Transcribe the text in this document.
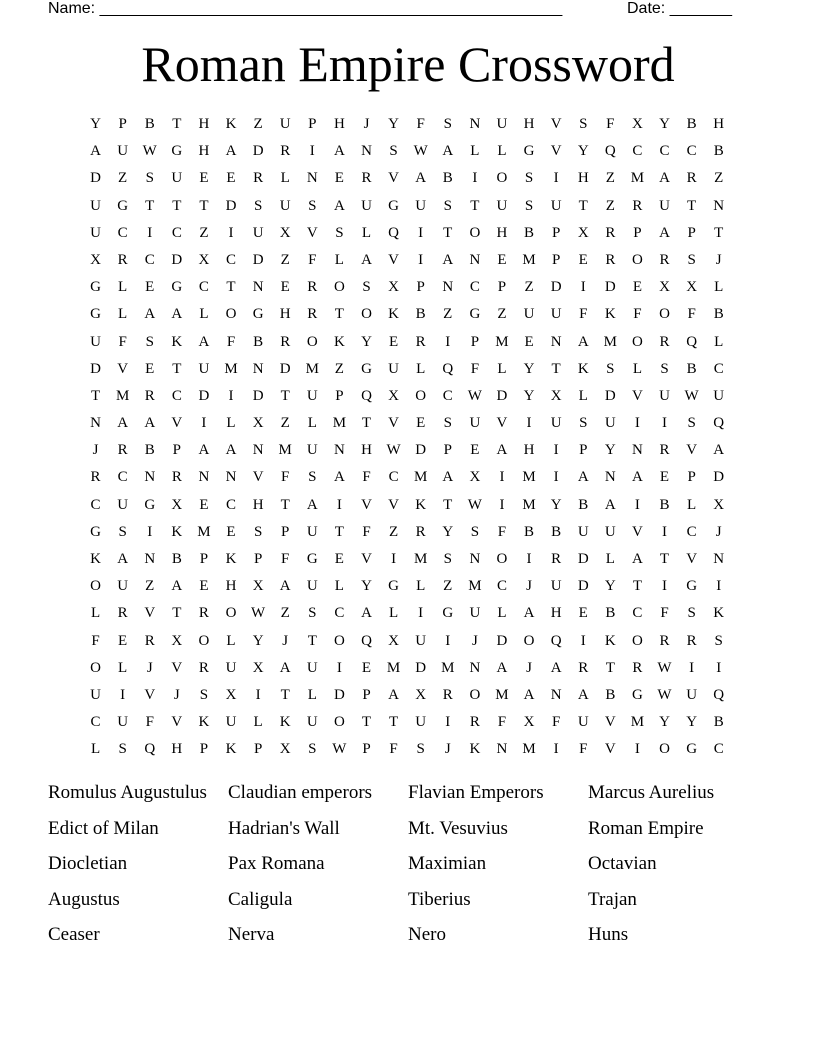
Name: ____________________________________________________	Date: _______
Roman Empire Crossword
Y	P	B	T	H	K	Z	U	P	H	J	Y	F	S	N	U	H	V	S	F	X	Y	B	H
A	U W G	H	A	D	R	I	A	N	S	W A	L	L	G	V	Y	Q	C	C	C	B
D	Z	S	U	E	E	R	L	N	E	R	V	A	B	I	O	S	I	H	Z	M	A	R	Z
U	G	T	T	T	D	S	U	S	A	U	G	U	S	T	U	S	U	T	Z	R	U	T	N
U	C	I	C	Z	I	U	X	V	S	L	Q	I	T	O	H	B	P	X	R	P	A	P	T
X	R	C	D	X	C	D	Z	F	L	A	V	I	A	N	E	M	P	E	R	O	R	S	J
G	L	E	G	C	T	N	E	R	O	S	X	P	N	C	P	Z	D	I	D	E	X	X	L
G	L	A	A	L	O	G	H	R	T	O	K	B	Z	G	Z	U	U	F	K	F	O	F	B
U	F	S	K	A	F	B	R	O	K	Y	E	R	I	P	M	E	N	A	M	O	R	Q	L
D	V	E	T	U	M	N	D	M	Z	G	U	L	Q	F	L	Y	T	K	S	L	S	B	C
T	M	R	C	D	I	D	T	U	P	Q	X	O	C	W D	Y	X	L	D	V	U W U
N	A	A	V	I	L	X	Z	L	M	T	V	E	S	U	V	I	U	S	U	I	I	S	Q
J	R	B	P	A	A	N	M	U	N	H W D	P	E	A	H	I	P	Y	N	R	V	A
R	C	N	R	N	N	V	F	S	A	F	C	M	A	X	I	M	I	A	N	A	E	P	D
C	U	G	X	E	C	H	T	A	I	V	V	K	T	W	I	M	Y	B	A	I	B	L	X
G	S	I	K	M	E	S	P	U	T	F	Z	R	Y	S	F	B	B	U	U	V	I	C	J
K	A	N	B	P	K	P	F	G	E	V	I	M	S	N	O	I	R	D	L	A	T	V	N
O	U	Z	A	E	H	X	A	U	L	Y	G	L	Z	M	C	J	U	D	Y	T	I	G	I
L	R	V	T	R	O W	Z	S	C	A	L	I	G	U	L	A	H	E	B	C	F	S	K
F	E	R	X	O	L	Y	J	T	O	Q	X	U	I	J	D	O	Q	I	K	O	R	R	S
O	L	J	V	R	U	X	A	U	I	E	M	D	M	N	A	J	A	R	T	R	W	I	I
U	I	V	J	S	X	I	T	L	D	P	A	X	R	O	M	A	N	A	B	G W U	Q
C	U	F	V	K	U	L	K	U	O	T	T	U	I	R	F	X	F	U	V	M	Y	Y	B
L	S	Q	H	P	K	P	X	S	W	P	F	S	J	K	N	M	I	F	V	I	O	G	C
Romulus Augustulus	Claudian emperors	Flavian Emperors	Marcus Aurelius
Edict of Milan	Hadrian's Wall	Mt. Vesuvius	Roman Empire
Diocletian	Pax Romana	Maximian	Octavian
Augustus	Caligula	Tiberius	Trajan
Ceaser	Nerva	Nero	Huns
